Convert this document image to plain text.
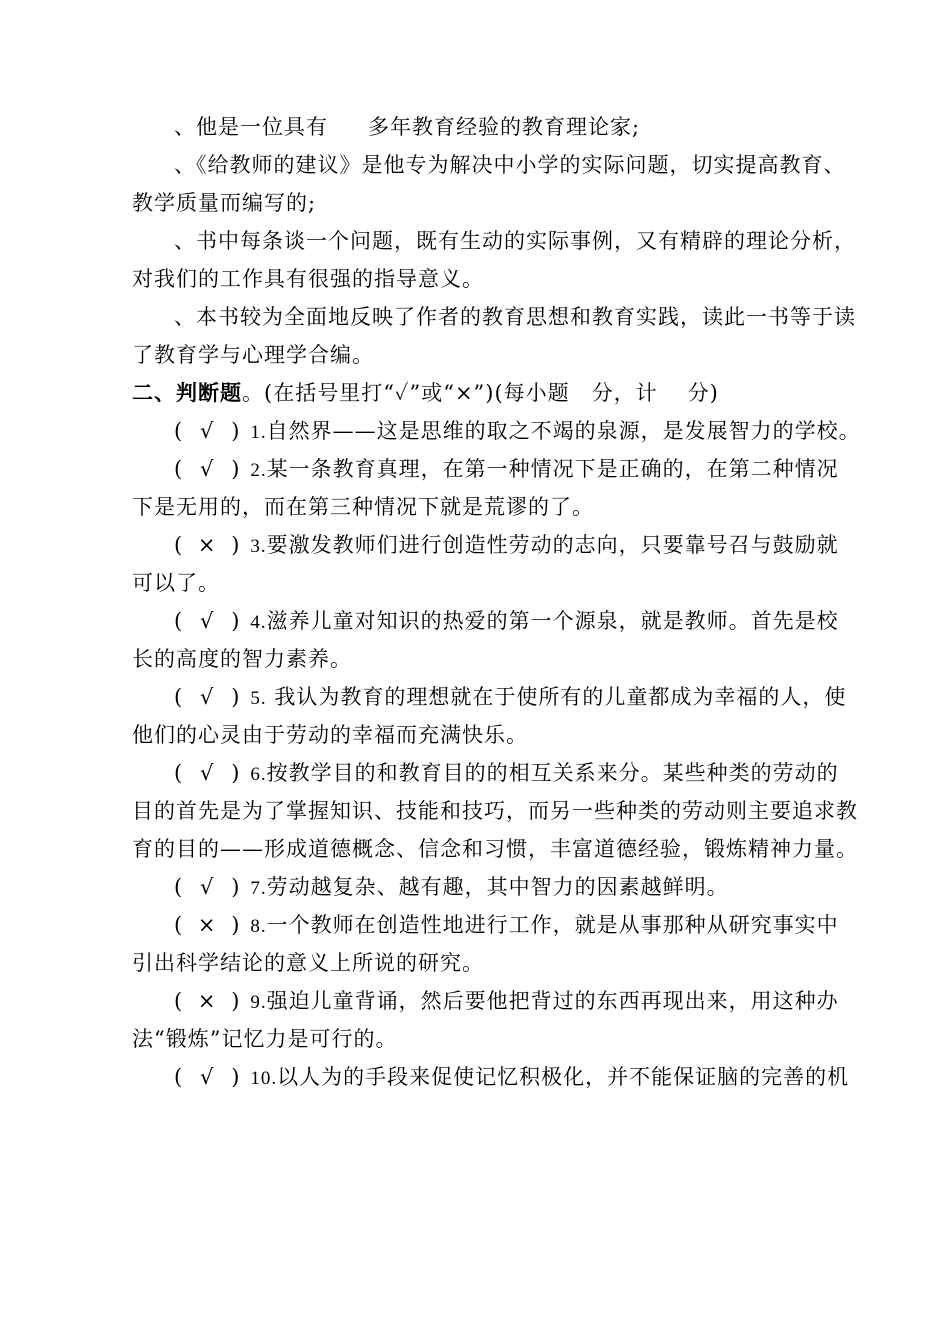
、他是一位具有 多年教育经验的教育理论家;
、《给教师的建议》是他专为解决中小学的实际问题，切实提高教育、
教学质量而编写的;
、书中每条谈一个问题，既有生动的实际事例，又有精辟的理论分析，
对我们的工作具有很强的指导意义。
、本书较为全面地反映了作者的教育思想和教育实践，读此一书等于读
了教育学与心理学合编。
二、判断题。(在括号里打“✓”或“×”)(每小题 分，计 分)
( √ ) 1.自然界——这是思维的取之不竭的泉源，是发展智力的学校。
( √ ) 2.某一条教育真理，在第一种情况下是正确的，在第二种情况
下是无用的，而在第三种情况下就是荒谬的了。
( × ) 3.要激发教师们进行创造性劳动的志向，只要靠号召与鼓励就
可以了。
( √ ) 4.滋养儿童对知识的热爱的第一个源泉，就是教师。首先是校
长的高度的智力素养。
( √ ) 5. 我认为教育的理想就在于使所有的儿童都成为幸福的人，使
他们的心灵由于劳动的幸福而充满快乐。
( √ ) 6.按教学目的和教育目的的相互关系来分。某些种类的劳动的
目的首先是为了掌握知识、技能和技巧，而另一些种类的劳动则主要追求教
育的目的——形成道德概念、信念和习惯，丰富道德经验，锻炼精神力量。
( √ ) 7.劳动越复杂、越有趣，其中智力的因素越鲜明。
( × ) 8.一个教师在创造性地进行工作，就是从事那种从研究事实中
引出科学结论的意义上所说的研究。
( × ) 9.强迫儿童背诵，然后要他把背过的东西再现出来，用这种办
法“锻炼”记忆力是可行的。
( √ ) 10.以人为的手段来促使记忆积极化，并不能保证脑的完善的机
